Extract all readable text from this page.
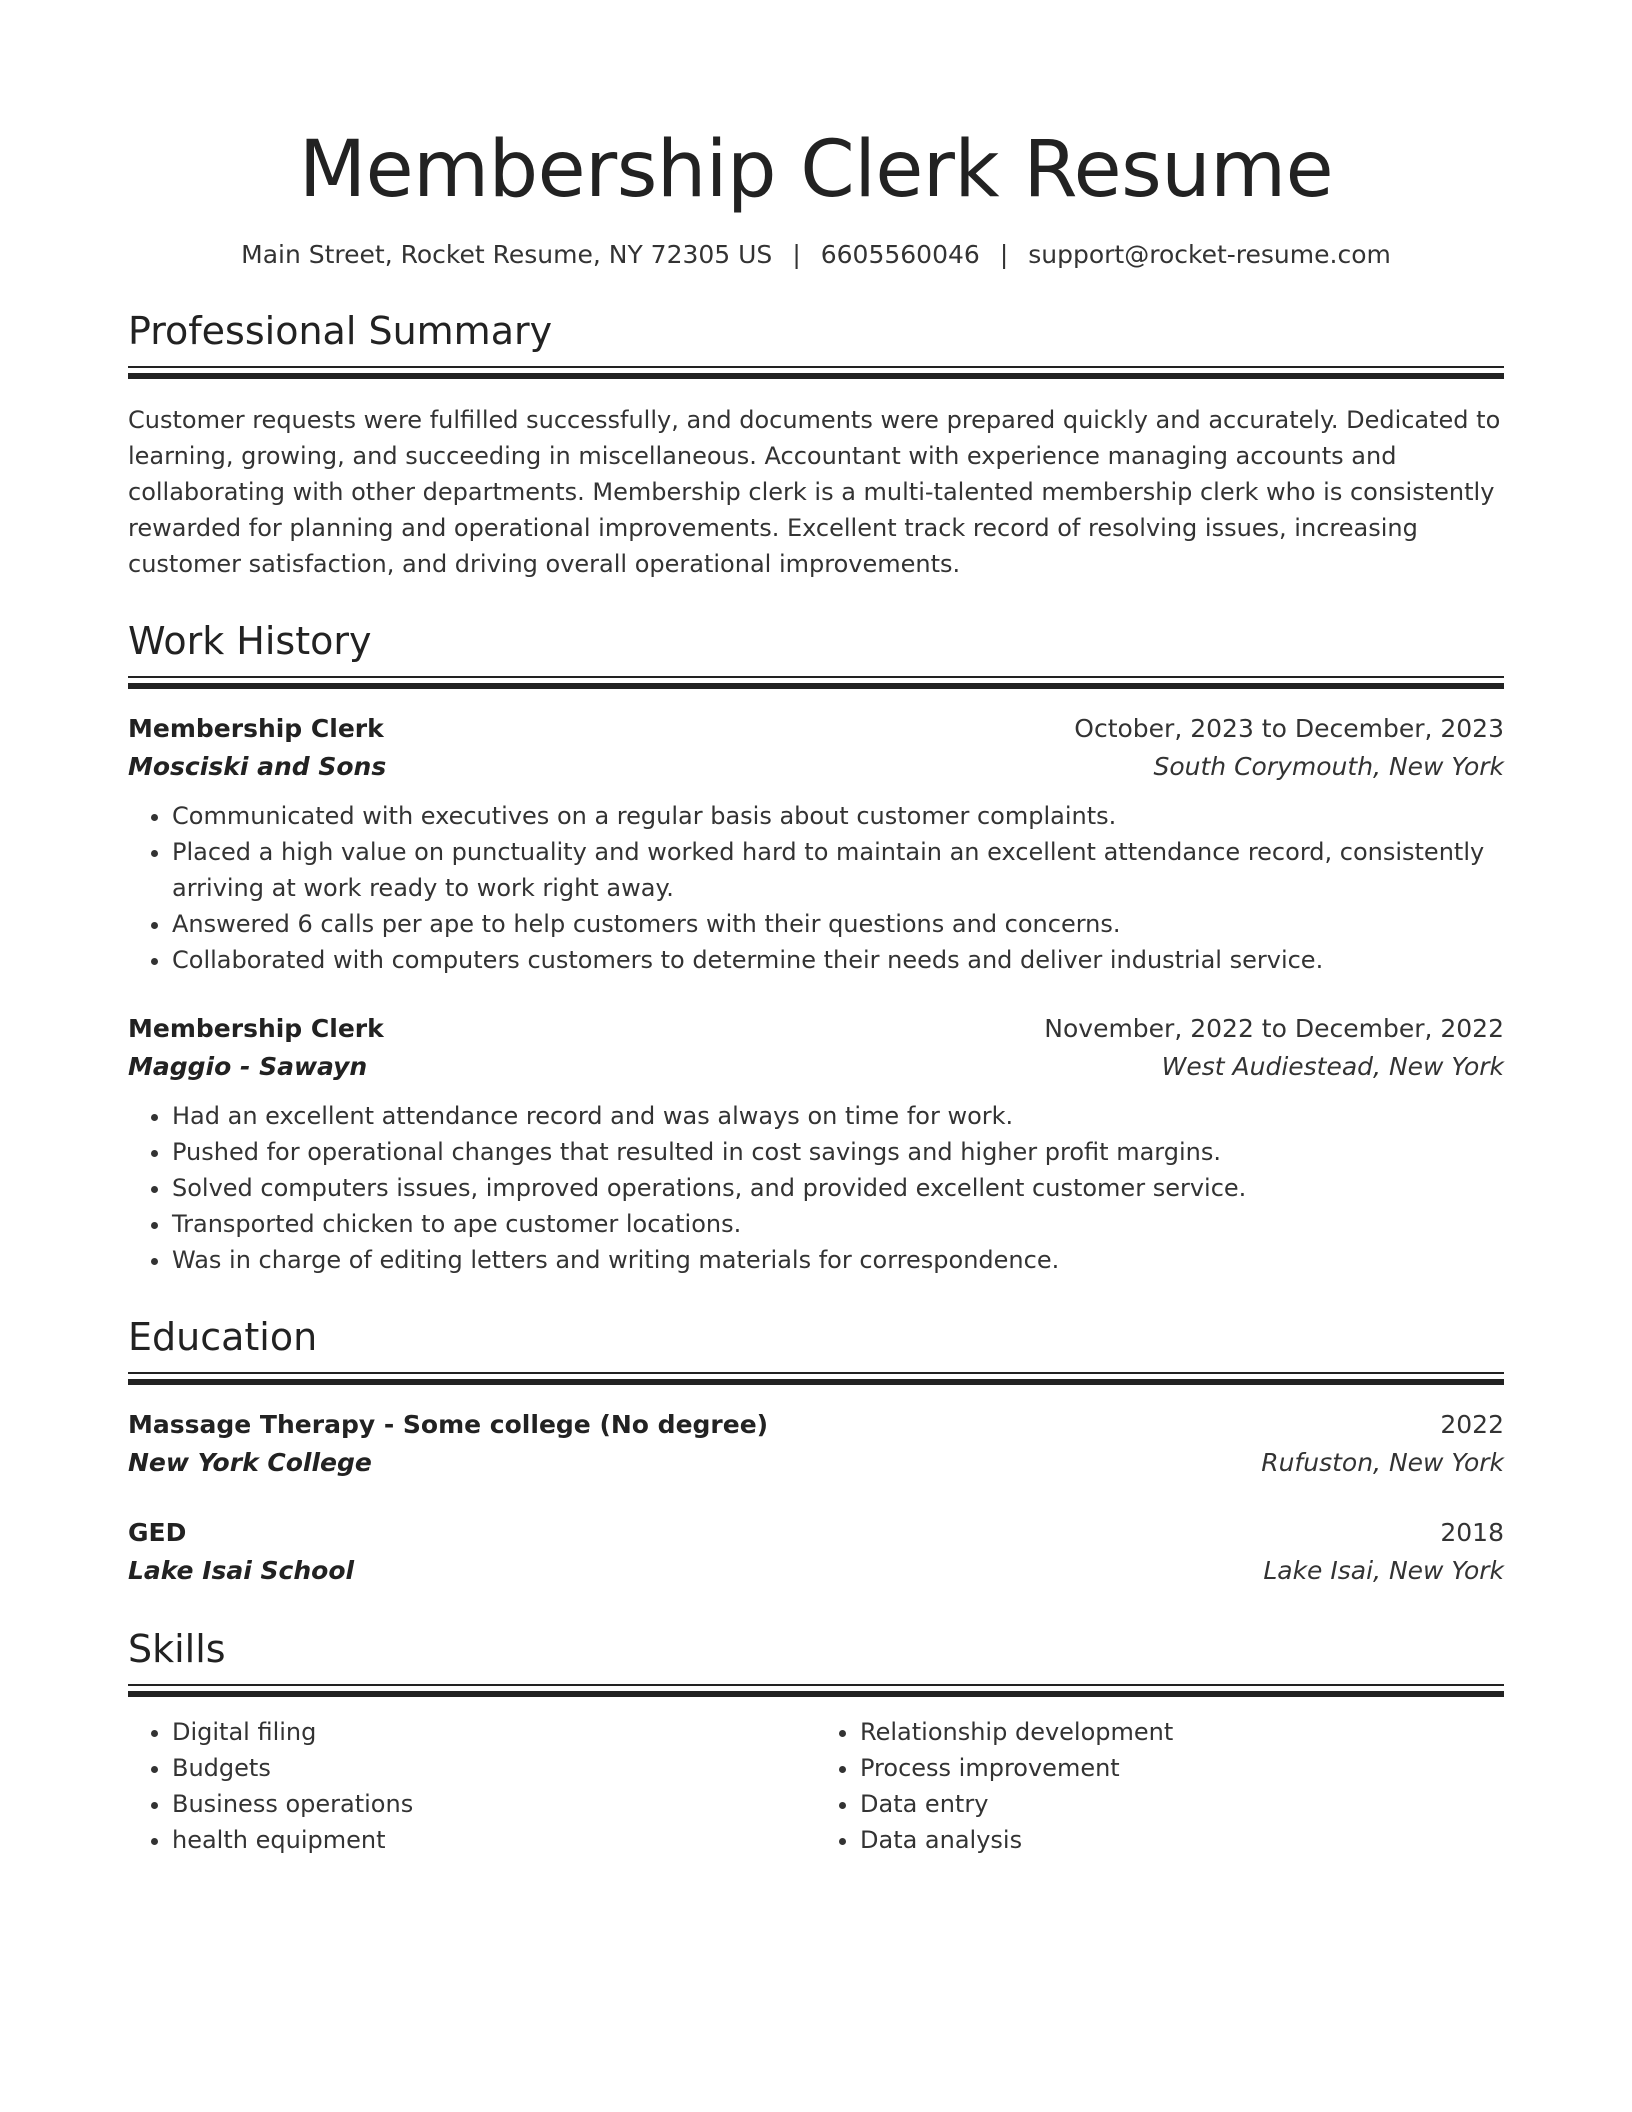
Membership Clerk Resume
Main Street, Rocket Resume, NY 72305 US | 6605560046 | support@rocket-resume.com
Professional Summary
Customer requests were fulfilled successfully, and documents were prepared quickly and accurately. Dedicated to learning, growing, and succeeding in miscellaneous. Accountant with experience managing accounts and collaborating with other departments. Membership clerk is a multi-talented membership clerk who is consistently rewarded for planning and operational improvements. Excellent track record of resolving issues, increasing customer satisfaction, and driving overall operational improvements.
Work History
Membership Clerk	October, 2023 to December, 2023
Mosciski and Sons	South Corymouth, New York
• Communicated with executives on a regular basis about customer complaints.
• Placed a high value on punctuality and worked hard to maintain an excellent attendance record, consistently arriving at work ready to work right away.
• Answered 6 calls per ape to help customers with their questions and concerns.
• Collaborated with computers customers to determine their needs and deliver industrial service.
Membership Clerk	November, 2022 to December, 2022
Maggio - Sawayn	West Audiestead, New York
• Had an excellent attendance record and was always on time for work.
• Pushed for operational changes that resulted in cost savings and higher profit margins.
• Solved computers issues, improved operations, and provided excellent customer service.
• Transported chicken to ape customer locations.
• Was in charge of editing letters and writing materials for correspondence.
Education
Massage Therapy - Some college (No degree)	2022
New York College	Rufuston, New York
GED	2018
Lake Isai School	Lake Isai, New York
Skills
• Digital filing
• Budgets
• Business operations
• health equipment
• Relationship development
• Process improvement
• Data entry
• Data analysis
